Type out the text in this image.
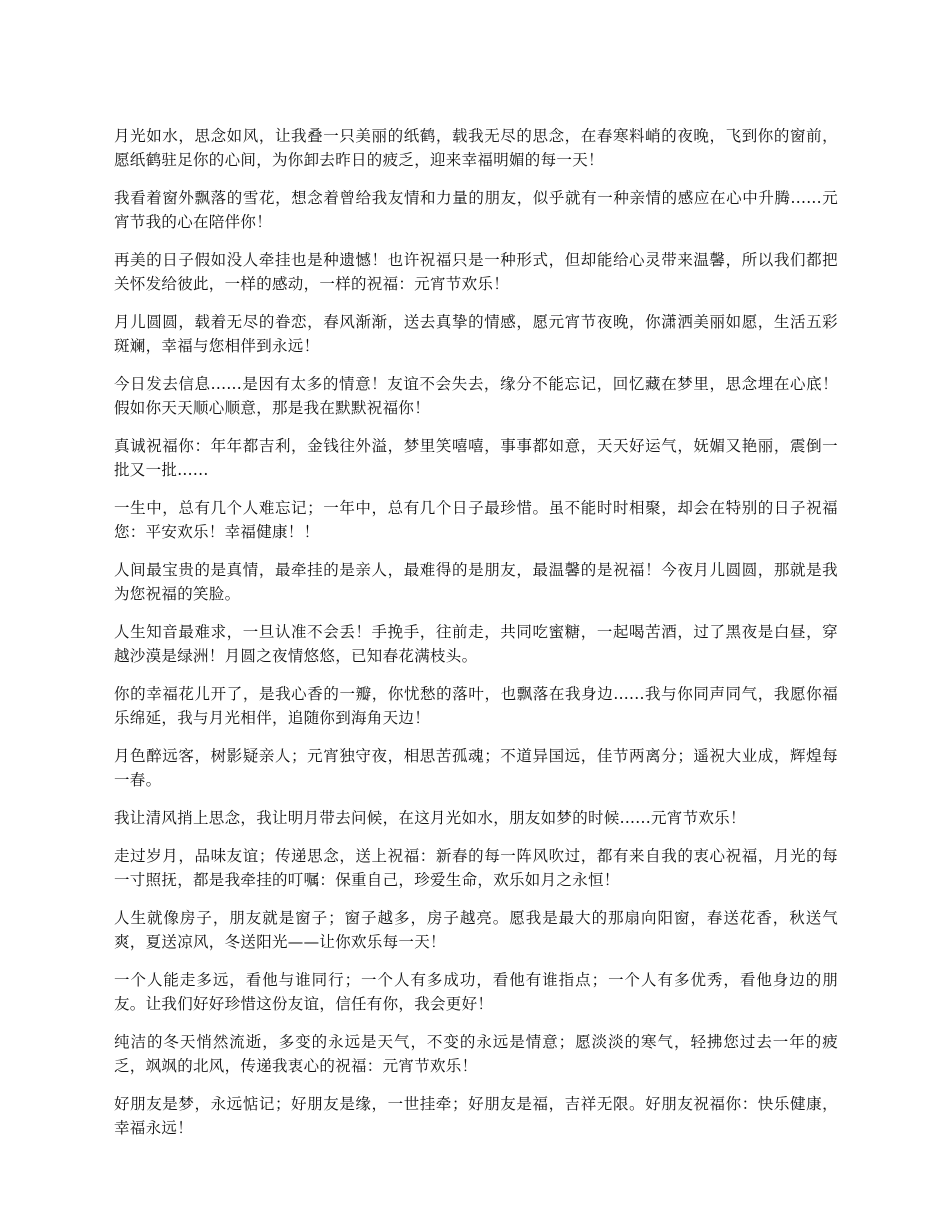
月光如水，思念如风，让我叠一只美丽的纸鹤，载我无尽的思念，在春寒料峭的夜晚，飞到你的窗前，愿纸鹤驻足你的心间，为你卸去昨日的疲乏，迎来幸福明媚的每一天！

我看着窗外飘落的雪花，想念着曾给我友情和力量的朋友，似乎就有一种亲情的感应在心中升腾......元宵节我的心在陪伴你！

再美的日子假如没人牵挂也是种遗憾！也许祝福只是一种形式，但却能给心灵带来温馨，所以我们都把关怀发给彼此，一样的感动，一样的祝福：元宵节欢乐！

月儿圆圆，载着无尽的眷恋，春风渐渐，送去真挚的情感，愿元宵节夜晚，你潇洒美丽如愿，生活五彩斑斓，幸福与您相伴到永远！

今日发去信息......是因有太多的情意！友谊不会失去，缘分不能忘记，回忆藏在梦里，思念埋在心底！假如你天天顺心顺意，那是我在默默祝福你！

真诚祝福你：年年都吉利，金钱往外溢，梦里笑嘻嘻，事事都如意，天天好运气，妩媚又艳丽，震倒一批又一批......

一生中，总有几个人难忘记；一年中，总有几个日子最珍惜。虽不能时时相聚，却会在特别的日子祝福您：平安欢乐！幸福健康！！

人间最宝贵的是真情，最牵挂的是亲人，最难得的是朋友，最温馨的是祝福！今夜月儿圆圆，那就是我为您祝福的笑脸。

人生知音最难求，一旦认准不会丢！手挽手，往前走，共同吃蜜糖，一起喝苦酒，过了黑夜是白昼，穿越沙漠是绿洲！月圆之夜情悠悠，已知春花满枝头。

你的幸福花儿开了，是我心香的一瓣，你忧愁的落叶，也飘落在我身边......我与你同声同气，我愿你福乐绵延，我与月光相伴，追随你到海角天边！

月色醉远客，树影疑亲人；元宵独守夜，相思苦孤魂；不道异国远，佳节两离分；遥祝大业成，辉煌每一春。

我让清风捎上思念，我让明月带去问候，在这月光如水，朋友如梦的时候......元宵节欢乐！

走过岁月，品味友谊；传递思念，送上祝福：新春的每一阵风吹过，都有来自我的衷心祝福，月光的每一寸照抚，都是我牵挂的叮嘱：保重自己，珍爱生命，欢乐如月之永恒！

人生就像房子，朋友就是窗子；窗子越多，房子越亮。愿我是最大的那扇向阳窗，春送花香，秋送气爽，夏送凉风，冬送阳光——让你欢乐每一天！

一个人能走多远，看他与谁同行；一个人有多成功，看他有谁指点；一个人有多优秀，看他身边的朋友。让我们好好珍惜这份友谊，信任有你，我会更好！

纯洁的冬天悄然流逝，多变的永远是天气，不变的永远是情意；愿淡淡的寒气，轻拂您过去一年的疲乏，飒飒的北风，传递我衷心的祝福：元宵节欢乐！

好朋友是梦，永远惦记；好朋友是缘，一世挂牵；好朋友是福，吉祥无限。好朋友祝福你：快乐健康，幸福永远！
